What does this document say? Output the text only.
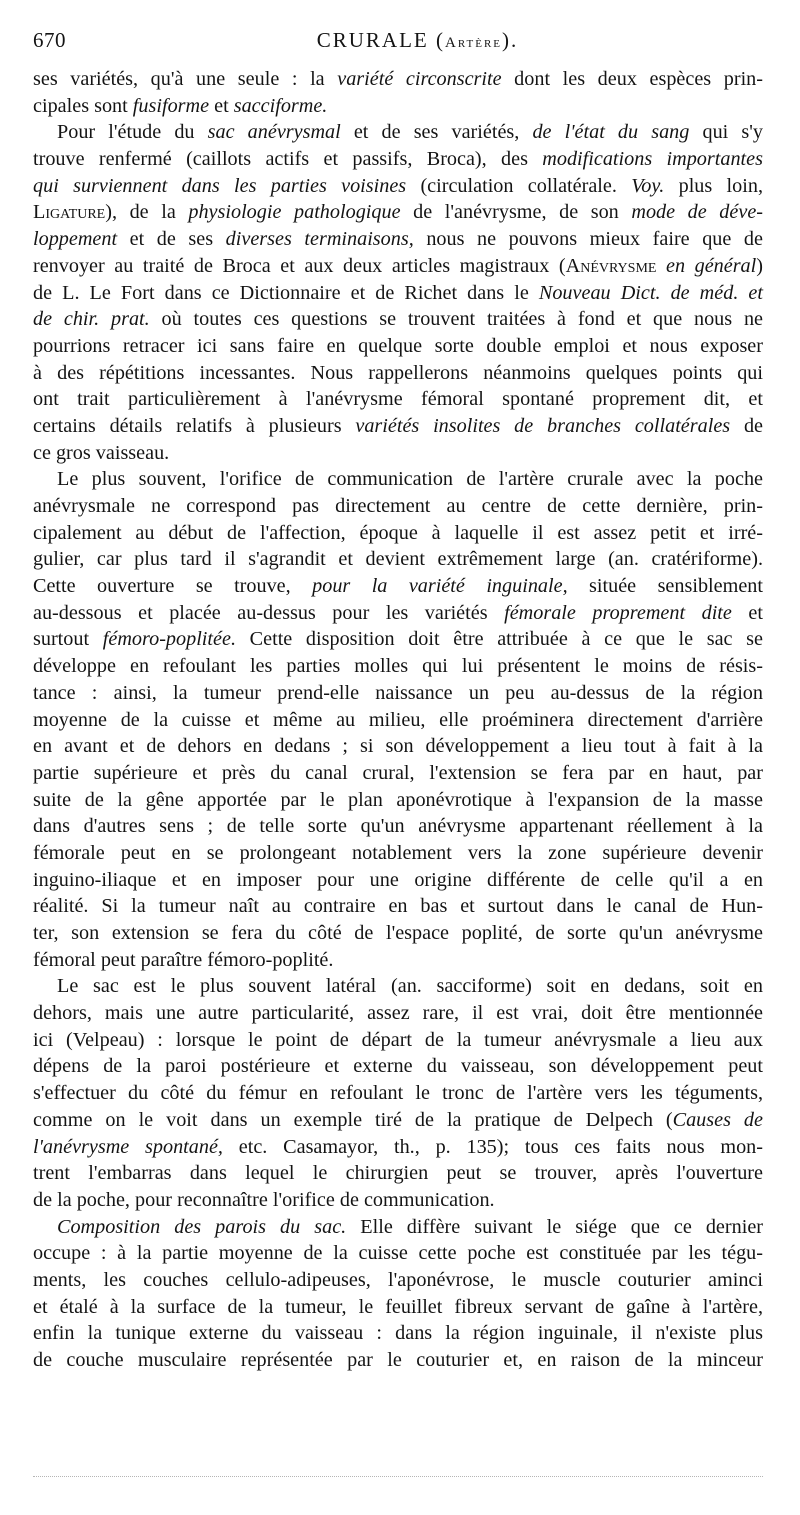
670	CRURALE (Artère).
ses variétés, qu'à une seule : la variété circonscrite dont les deux espèces prin-
cipales sont fusiforme et sacciforme.
Pour l'étude du sac anévrysmal et de ses variétés, de l'état du sang qui s'y
trouve renfermé (caillots actifs et passifs, Broca), des modifications importantes
qui surviennent dans les parties voisines (circulation collatérale. Voy. plus loin,
Ligature), de la physiologie pathologique de l'anévrysme, de son mode de déve-
loppement et de ses diverses terminaisons, nous ne pouvons mieux faire que de
renvoyer au traité de Broca et aux deux articles magistraux (Anévrysme en général)
de L. Le Fort dans ce Dictionnaire et de Richet dans le Nouveau Dict. de méd. et
de chir. prat. où toutes ces questions se trouvent traitées à fond et que nous ne
pourrions retracer ici sans faire en quelque sorte double emploi et nous exposer
à des répétitions incessantes. Nous rappellerons néanmoins quelques points qui
ont trait particulièrement à l'anévrysme fémoral spontané proprement dit, et
certains détails relatifs à plusieurs variétés insolites de branches collatérales de
ce gros vaisseau.
Le plus souvent, l'orifice de communication de l'artère crurale avec la poche
anévrysmale ne correspond pas directement au centre de cette dernière, prin-
cipalement au début de l'affection, époque à laquelle il est assez petit et irré-
gulier, car plus tard il s'agrandit et devient extrêmement large (an. cratériforme).
Cette ouverture se trouve, pour la variété inguinale, située sensiblement
au-dessous et placée au-dessus pour les variétés fémorale proprement dite et
surtout fémoro-poplitée. Cette disposition doit être attribuée à ce que le sac se
développe en refoulant les parties molles qui lui présentent le moins de résis-
tance : ainsi, la tumeur prend-elle naissance un peu au-dessus de la région
moyenne de la cuisse et même au milieu, elle proéminera directement d'arrière
en avant et de dehors en dedans ; si son développement a lieu tout à fait à la
partie supérieure et près du canal crural, l'extension se fera par en haut, par
suite de la gêne apportée par le plan aponévrotique à l'expansion de la masse
dans d'autres sens ; de telle sorte qu'un anévrysme appartenant réellement à la
fémorale peut en se prolongeant notablement vers la zone supérieure devenir
inguino-iliaque et en imposer pour une origine différente de celle qu'il a en
réalité. Si la tumeur naît au contraire en bas et surtout dans le canal de Hun-
ter, son extension se fera du côté de l'espace poplité, de sorte qu'un anévrysme
fémoral peut paraître fémoro-poplité.
Le sac est le plus souvent latéral (an. sacciforme) soit en dedans, soit en
dehors, mais une autre particularité, assez rare, il est vrai, doit être mentionnée
ici (Velpeau) : lorsque le point de départ de la tumeur anévrysmale a lieu aux
dépens de la paroi postérieure et externe du vaisseau, son développement peut
s'effectuer du côté du fémur en refoulant le tronc de l'artère vers les téguments,
comme on le voit dans un exemple tiré de la pratique de Delpech (Causes de
l'anévrysme spontané, etc. Casamayor, th., p. 135); tous ces faits nous mon-
trent l'embarras dans lequel le chirurgien peut se trouver, après l'ouverture
de la poche, pour reconnaître l'orifice de communication.
Composition des parois du sac. Elle diffère suivant le siége que ce dernier
occupe : à la partie moyenne de la cuisse cette poche est constituée par les tégu-
ments, les couches cellulo-adipeuses, l'aponévrose, le muscle couturier aminci
et étalé à la surface de la tumeur, le feuillet fibreux servant de gaîne à l'artère,
enfin la tunique externe du vaisseau : dans la région inguinale, il n'existe plus
de couche musculaire représentée par le couturier et, en raison de la minceur
